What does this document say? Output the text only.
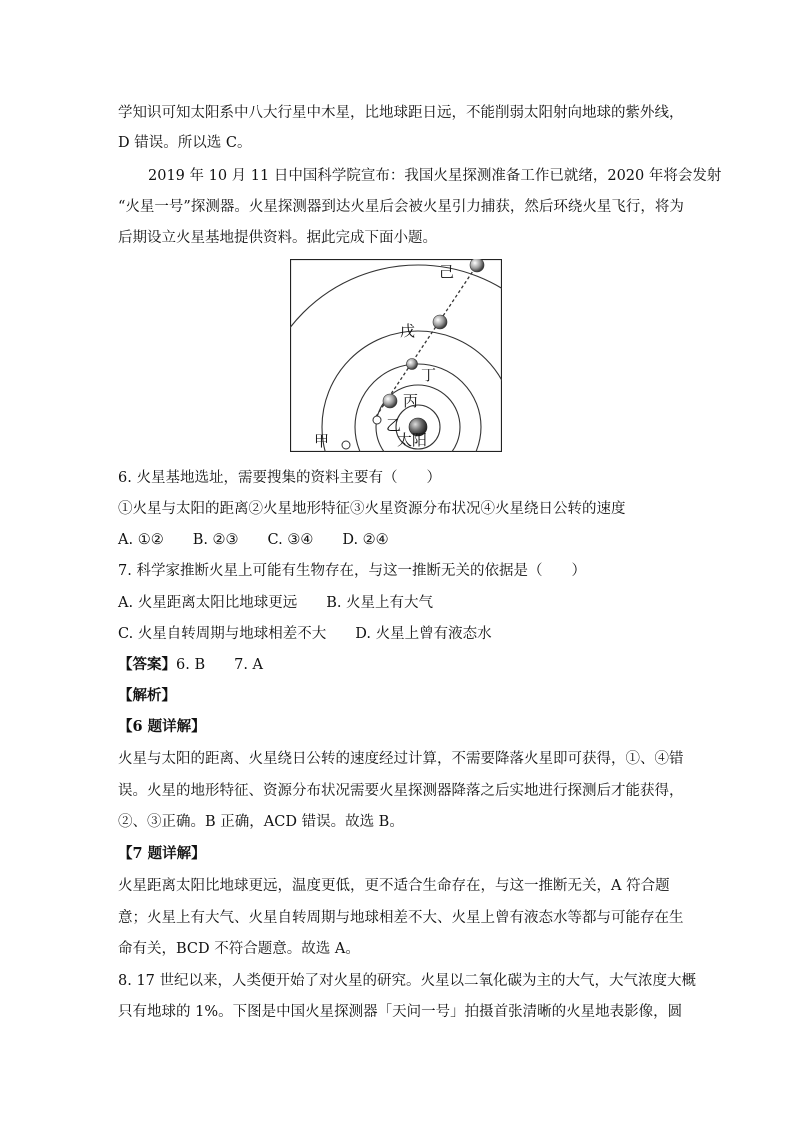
学知识可知太阳系中八大行星中木星，比地球距日远，不能削弱太阳射向地球的紫外线，
D 错误。所以选 C。
2019 年 10 月 11 日中国科学院宣布：我国火星探测准备工作已就绪，2020 年将会发射
“火星一号”探测器。火星探测器到达火星后会被火星引力捕获，然后环绕火星飞行，将为
后期设立火星基地提供资料。据此完成下面小题。
己
戊
丁
丙
乙
甲	太阳
6. 火星基地选址，需要搜集的资料主要有（　　）
①火星与太阳的距离②火星地形特征③火星资源分布状况④火星绕日公转的速度
A. ①②　　B. ②③　　C. ③④　　D. ②④
7. 科学家推断火星上可能有生物存在，与这一推断无关的依据是（　　）
A. 火星距离太阳比地球更远　　B. 火星上有大气
C. 火星自转周期与地球相差不大　　D. 火星上曾有液态水
【答案】6. B　　7. A
【解析】
【6 题详解】
火星与太阳的距离、火星绕日公转的速度经过计算，不需要降落火星即可获得，①、④错
误。火星的地形特征、资源分布状况需要火星探测器降落之后实地进行探测后才能获得，
②、③正确。B 正确，ACD 错误。故选 B。
【7 题详解】
火星距离太阳比地球更远，温度更低，更不适合生命存在，与这一推断无关，A 符合题
意；火星上有大气、火星自转周期与地球相差不大、火星上曾有液态水等都与可能存在生
命有关，BCD 不符合题意。故选 A。
8. 17 世纪以来，人类便开始了对火星的研究。火星以二氧化碳为主的大气，大气浓度大概
只有地球的 1%。下图是中国火星探测器「天问一号」拍摄首张清晰的火星地表影像，圆
